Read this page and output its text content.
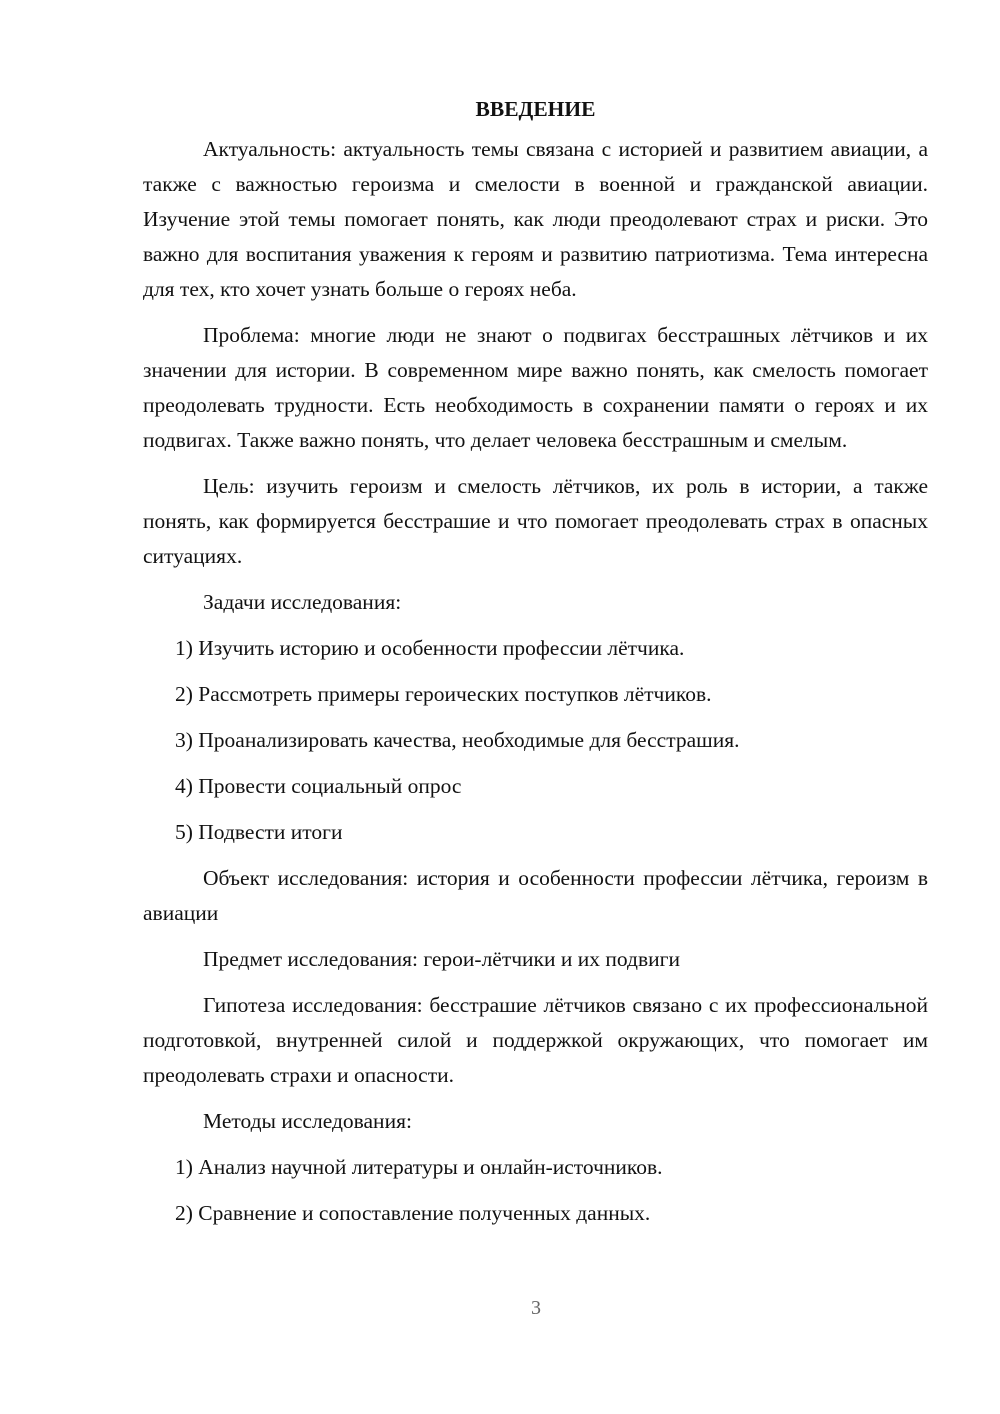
ВВЕДЕНИЕ

Актуальность: актуальность темы связана с историей и развитием авиации, а также с важностью героизма и смелости в военной и гражданской авиации. Изучение этой темы помогает понять, как люди преодолевают страх и риски. Это важно для воспитания уважения к героям и развитию патриотизма. Тема интересна для тех, кто хочет узнать больше о героях неба.

Проблема: многие люди не знают о подвигах бесстрашных лётчиков и их значении для истории. В современном мире важно понять, как смелость помогает преодолевать трудности. Есть необходимость в сохранении памяти о героях и их подвигах. Также важно понять, что делает человека бесстрашным и смелым.

Цель: изучить героизм и смелость лётчиков, их роль в истории, а также понять, как формируется бесстрашие и что помогает преодолевать страх в опасных ситуациях.

Задачи исследования:

1) Изучить историю и особенности профессии лётчика.
2) Рассмотреть примеры героических поступков лётчиков.
3) Проанализировать качества, необходимые для бесстрашия.
4) Провести социальный опрос
5) Подвести итоги

Объект исследования: история и особенности профессии лётчика, героизм в авиации

Предмет исследования: герои-лётчики и их подвиги

Гипотеза исследования: бесстрашие лётчиков связано с их профессиональной подготовкой, внутренней силой и поддержкой окружающих, что помогает им преодолевать страхи и опасности.

Методы исследования:

1) Анализ научной литературы и онлайн-источников.
2) Сравнение и сопоставление полученных данных.
3
